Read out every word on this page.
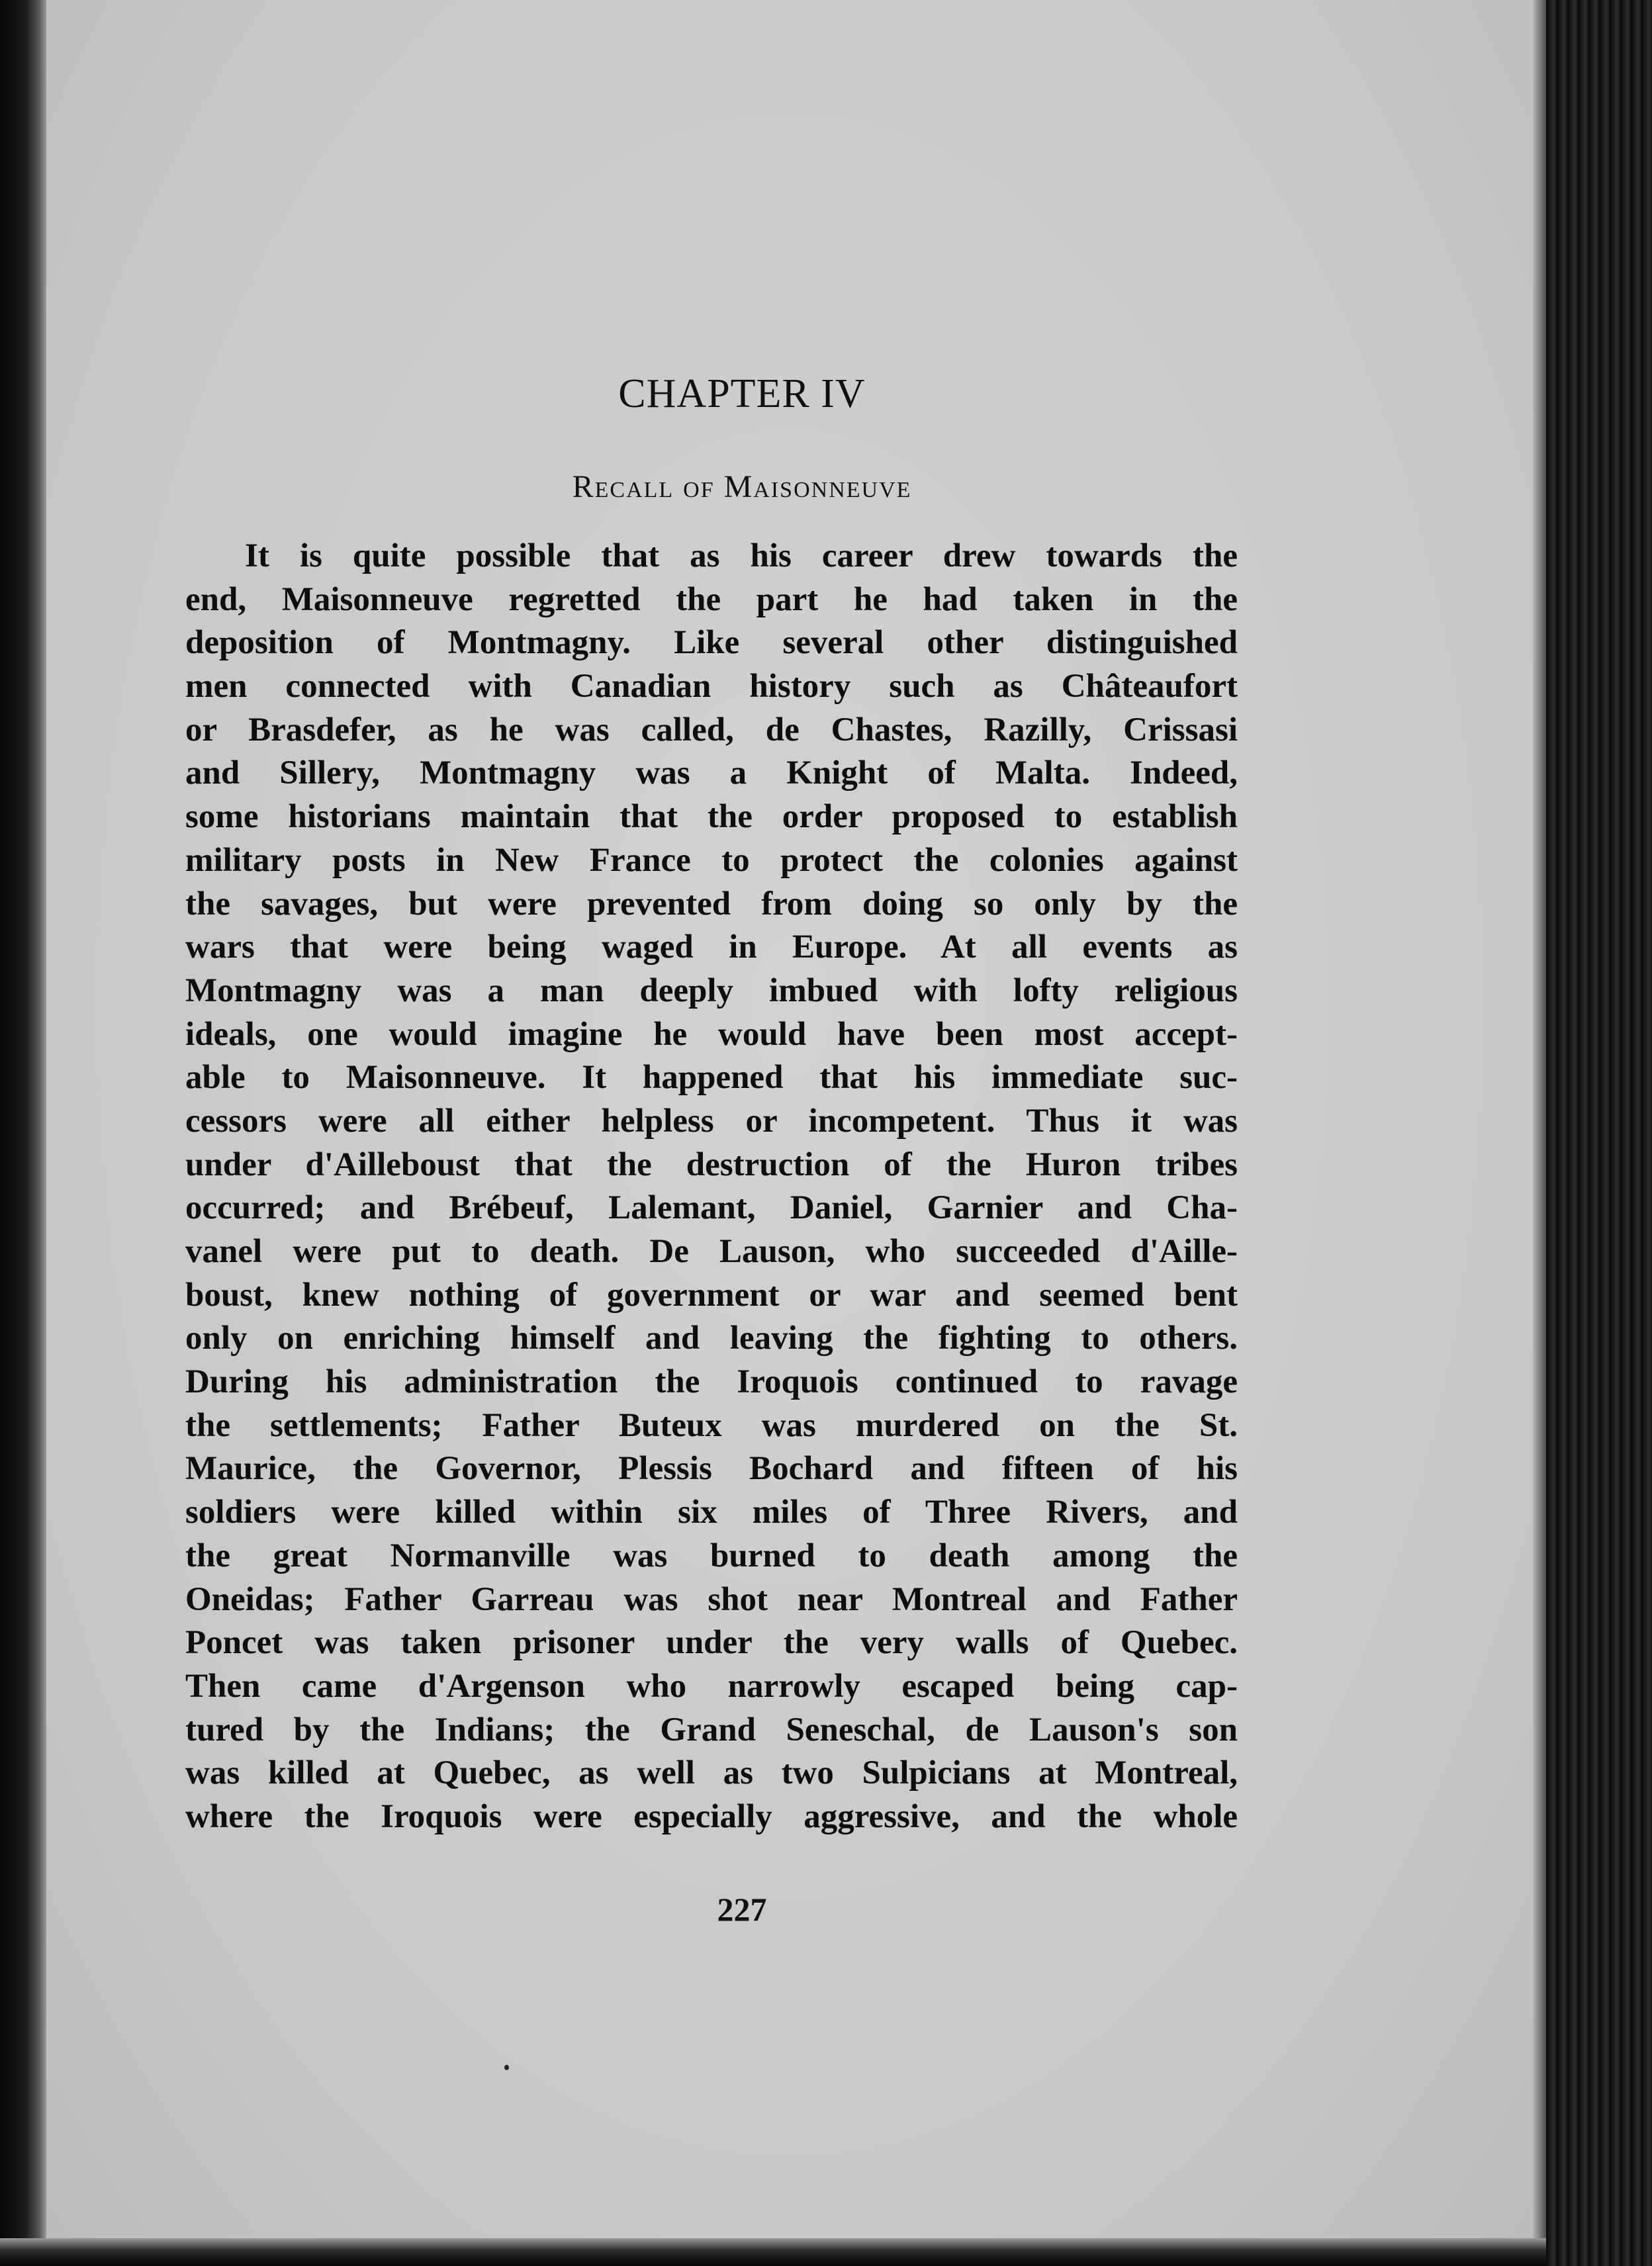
CHAPTER IV
Recall of Maisonneuve
It is quite possible that as his career drew towards the
end, Maisonneuve regretted the part he had taken in the
deposition of Montmagny. Like several other distinguished
men connected with Canadian history such as Châteaufort
or Brasdefer, as he was called, de Chastes, Razilly, Crissasi
and Sillery, Montmagny was a Knight of Malta. Indeed,
some historians maintain that the order proposed to establish
military posts in New France to protect the colonies against
the savages, but were prevented from doing so only by the
wars that were being waged in Europe. At all events as
Montmagny was a man deeply imbued with lofty religious
ideals, one would imagine he would have been most accept-
able to Maisonneuve. It happened that his immediate suc-
cessors were all either helpless or incompetent. Thus it was
under d'Ailleboust that the destruction of the Huron tribes
occurred; and Brébeuf, Lalemant, Daniel, Garnier and Cha-
vanel were put to death. De Lauson, who succeeded d'Aille-
boust, knew nothing of government or war and seemed bent
only on enriching himself and leaving the fighting to others.
During his administration the Iroquois continued to ravage
the settlements; Father Buteux was murdered on the St.
Maurice, the Governor, Plessis Bochard and fifteen of his
soldiers were killed within six miles of Three Rivers, and
the great Normanville was burned to death among the
Oneidas; Father Garreau was shot near Montreal and Father
Poncet was taken prisoner under the very walls of Quebec.
Then came d'Argenson who narrowly escaped being cap-
tured by the Indians; the Grand Seneschal, de Lauson's son
was killed at Quebec, as well as two Sulpicians at Montreal,
where the Iroquois were especially aggressive, and the whole
227
